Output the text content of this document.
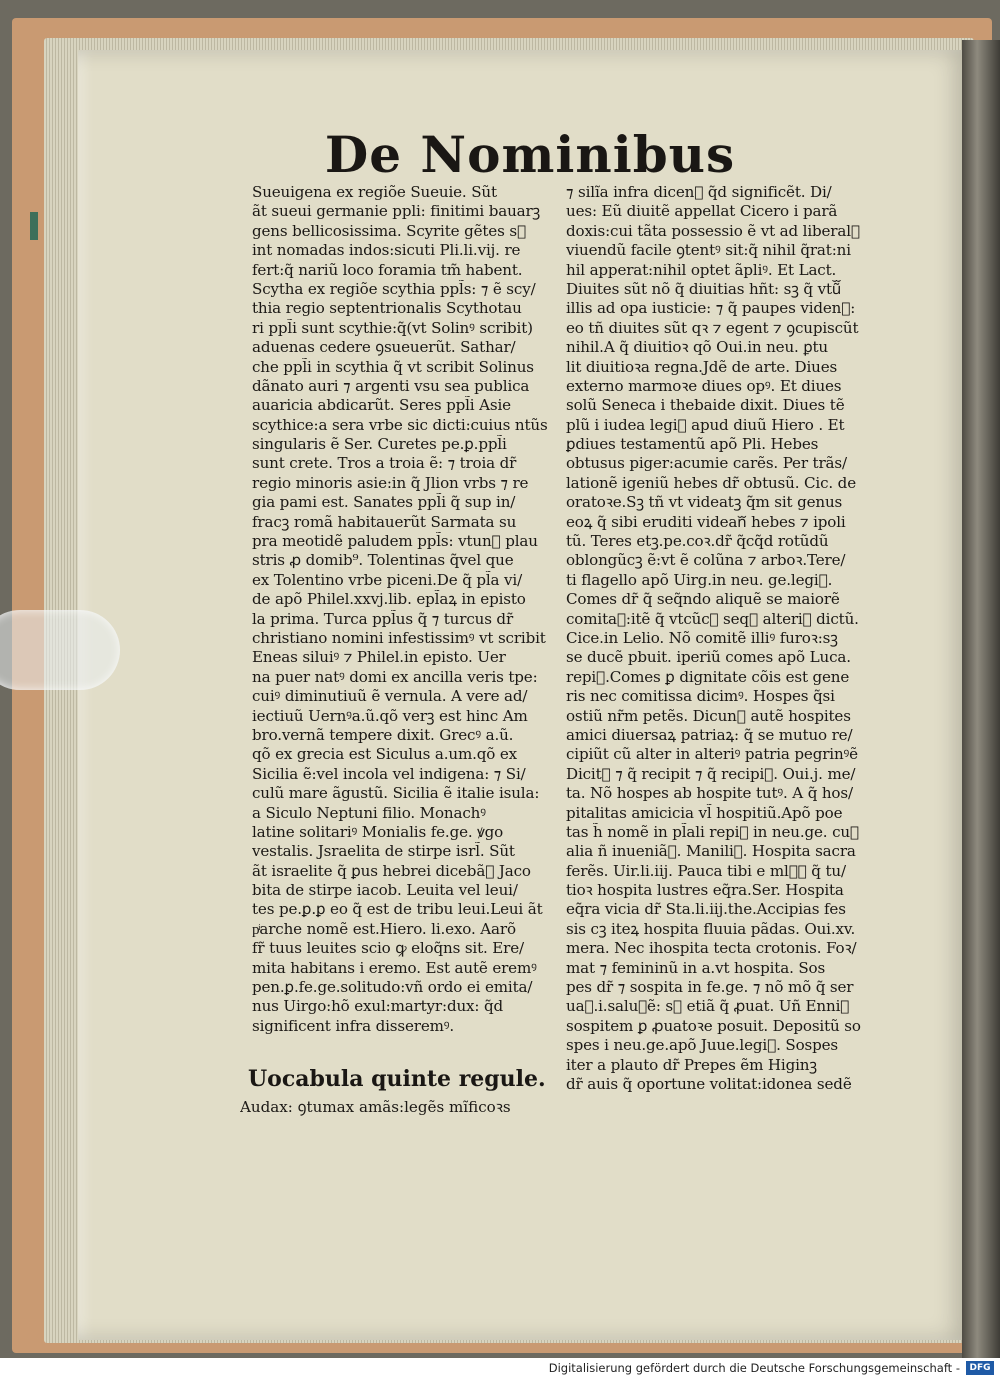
De Nominibus
Sueuigena ex regiõe Sueuie. Sũt
ãt sueui germanie ppli: finitimi bauarꝫ
gens bellicosissima. Scyrite gẽtes sᷓ
int nomadas indos:sicuti Pli.li.vij. re
fert:q̃ nariũ loco foramia tm̃ habent.
Scytha ex regiõe scythia ppl̃s: ⁊ ẽ scy/
thia regio septentrionalis Scythotau
ri ppl̃i sunt scythie:q̃(vt Solinꝰ scribit)
aduenas cedere ꝯsueuerũt. Sathar/
che ppl̃i in scythia q̃ vt scribit Solinus
dãnato auri ⁊ argenti vsu sea publica
auaricia abdicarũt. Seres ppl̃i Asie
scythice:a sera vrbe sic dicti:cuius ntũs
singularis ẽ Ser. Curetes pe.ꝑ.ppl̃i
sunt crete. Tros a troia ẽ: ⁊ troia dr̃
regio minoris asie:in q̃ Jlion vrbs ⁊ re
gia pami est. Sanates ppl̃i q̃ sup in/
fracꝫ romã habitauerũt Sarmata su
pra meotidẽ paludem ppl̃s: vtunᷓ plau
stris ꝓ domib⁹. Tolentinas q̃vel que
ex Tolentino vrbe piceni.De q̃ pl̃a vi/
de apõ Philel.xxvj.lib. epl̃aꝝ in episto
la prima. Turca ppl̃us q̃ ⁊ turcus dr̃
christiano nomini infestissimꝰ vt scribit
Eneas siluiꝰ ⁊ Philel.in episto. Uer
na puer natꝰ domi ex ancilla veris tpe:
cuiꝰ diminutiuũ ẽ vernula. A vere ad/
iectiuũ Uernꝰa.ũ.qõ verꝫ est hinc Am
bro.vernã tempere dixit. Grecꝰ a.ũ.
qõ ex grecia est Siculus a.um.qõ ex
Sicilia ẽ:vel incola vel indigena: ⁊ Si/
culũ mare ãgustũ. Sicilia ẽ italie isula:
a Siculo Neptuni filio. Monachꝰ
latine solitariꝰ Monialis fe.ge. ꝟgo
vestalis. Jsraelita de stirpe isrl̃. Sũt
ãt israelite q̃ ꝑus hebrei dicebãᷓ Jaco
bita de stirpe iacob. Leuita vel leui/
tes pe.ꝑ.ꝑ eo q̃ est de tribu leui.Leui ãt
pͥarche nomẽ est.Hiero. li.exo. Aarõ
fr̃ tuus leuites scio ꝙ eloq̃ns sit. Ere/
mita habitans i eremo. Est autẽ eremꝰ
pen.ꝑ.fe.ge.solitudo:vñ ordo ei emita/
nus Uirgo:hõ exul:martyr:dux: q̃d
significent infra disseremꝰ.
⁊ silĩa infra dicenᷓ q̃d significẽt. Di/
ues: Eũ diuitẽ appellat Cicero i parã
doxis:cui tãta possessio ẽ vt ad liberalᷓ
viuendũ facile ꝯtentꝰ sit:q̃ nihil q̃rat:ni
hil apperat:nihil optet ãpliꝰ. Et Lact.
Diuites sũt nõ q̃ diuitias hñt: sꝫ q̃ vtũᷓ
illis ad opa iusticie: ⁊ q̃ paupes videnᷓ:
eo tñ diuites sũt qꝛ ⁊ egent ⁊ ꝯcupiscũt
nihil.A q̃ diuitioꝛ qõ Oui.in neu. ꝑtu
lit diuitioꝛa regna.Jdẽ de arte. Diues
externo marmoꝛe diues opꝰ. Et diues
solũ Seneca i thebaide dixit. Diues tẽ
plũ i iudea legiᷓ apud diuũ Hiero . Et
ꝑdiues testamentũ apõ Pli. Hebes
obtusus piger:acumie carẽs. Per trãs/
lationẽ igeniũ hebes dr̃ obtusũ. Cic. de
oratoꝛe.Sꝫ tñ vt videatꝫ q̃m sit genus
eoꝝ q̃ sibi eruditi videanᷓ hebes ⁊ ipoli
tũ. Teres etꝫ.pe.coꝛ.dr̃ q̃cq̃d rotũdũ
oblongũcꝫ ẽ:vt ẽ colũna ⁊ arboꝛ.Tere/
ti flagello apõ Uirg.in neu. ge.legiᷓ.
Comes dr̃ q̃ seq̃ndo aliquẽ se maiorẽ
comitaᷓ:itẽ q̃ vtcũcꝫ seqᷓ alteriꝰ dictũ.
Cice.in Lelio. Nõ comitẽ illiꝰ furoꝛ:sꝫ
se ducẽ pbuit. iperiũ comes apõ Luca.
repiᷓ.Comes ꝑ dignitate cõis est gene
ris nec comitissa dicimꝰ. Hospes q̃si
ostiũ nr̃m petẽs. Dicunᷓ autẽ hospites
amici diuersaꝝ patriaꝝ: q̃ se mutuo re/
cipiũt cũ alter in alteriꝰ patria pegrinꝰẽ
Dicitᷓ ⁊ q̃ recipit ⁊ q̃ recipiᷓ. Oui.j. me/
ta. Nõ hospes ab hospite tutꝰ. A q̃ hos/
pitalitas amicicia vl̃ hospitiũ.Apõ poe
tas h̃ nomẽ in pl̃ali repiᷓ in neu.ge. cuꝫ
alia ñ inueniãᷓ. Maniliꝰ. Hospita sacra
ferẽs. Uir.li.iij. Pauca tibi e mlᷓꝫ q̃ tu/
tioꝛ hospita lustres eq̃ra.Ser. Hospita
eq̃ra vicia dr̃ Sta.li.iij.the.Accipias fes
sis cꝫ iteꝝ hospita fluuia pãdas. Oui.xv.
mera. Nec ihospita tecta crotonis. Foꝛ/
mat ⁊ femininũ in a.vt hospita. Sos
pes dr̃ ⁊ sospita in fe.ge. ⁊ nõ mõ q̃ ser
uaᷓ.i.saluꝰẽ: sꝫ etiã q̃ ꝓuat. Uñ Enniꝰ
sospitem ꝑ ꝓuatoꝛe posuit. Depositũ so
spes i neu.ge.apõ Juue.legiᷓ. Sospes
iter a plauto dr̃ Prepes ẽm Higinꝫ
dr̃ auis q̃ oportune volitat:idonea sedẽ
Uocabula quinte regule.
Audax: ꝯtumax amãs:legẽs mĩficoꝛs
Digitalisierung gefördert durch die Deutsche Forschungsgemeinschaft -	DFG
